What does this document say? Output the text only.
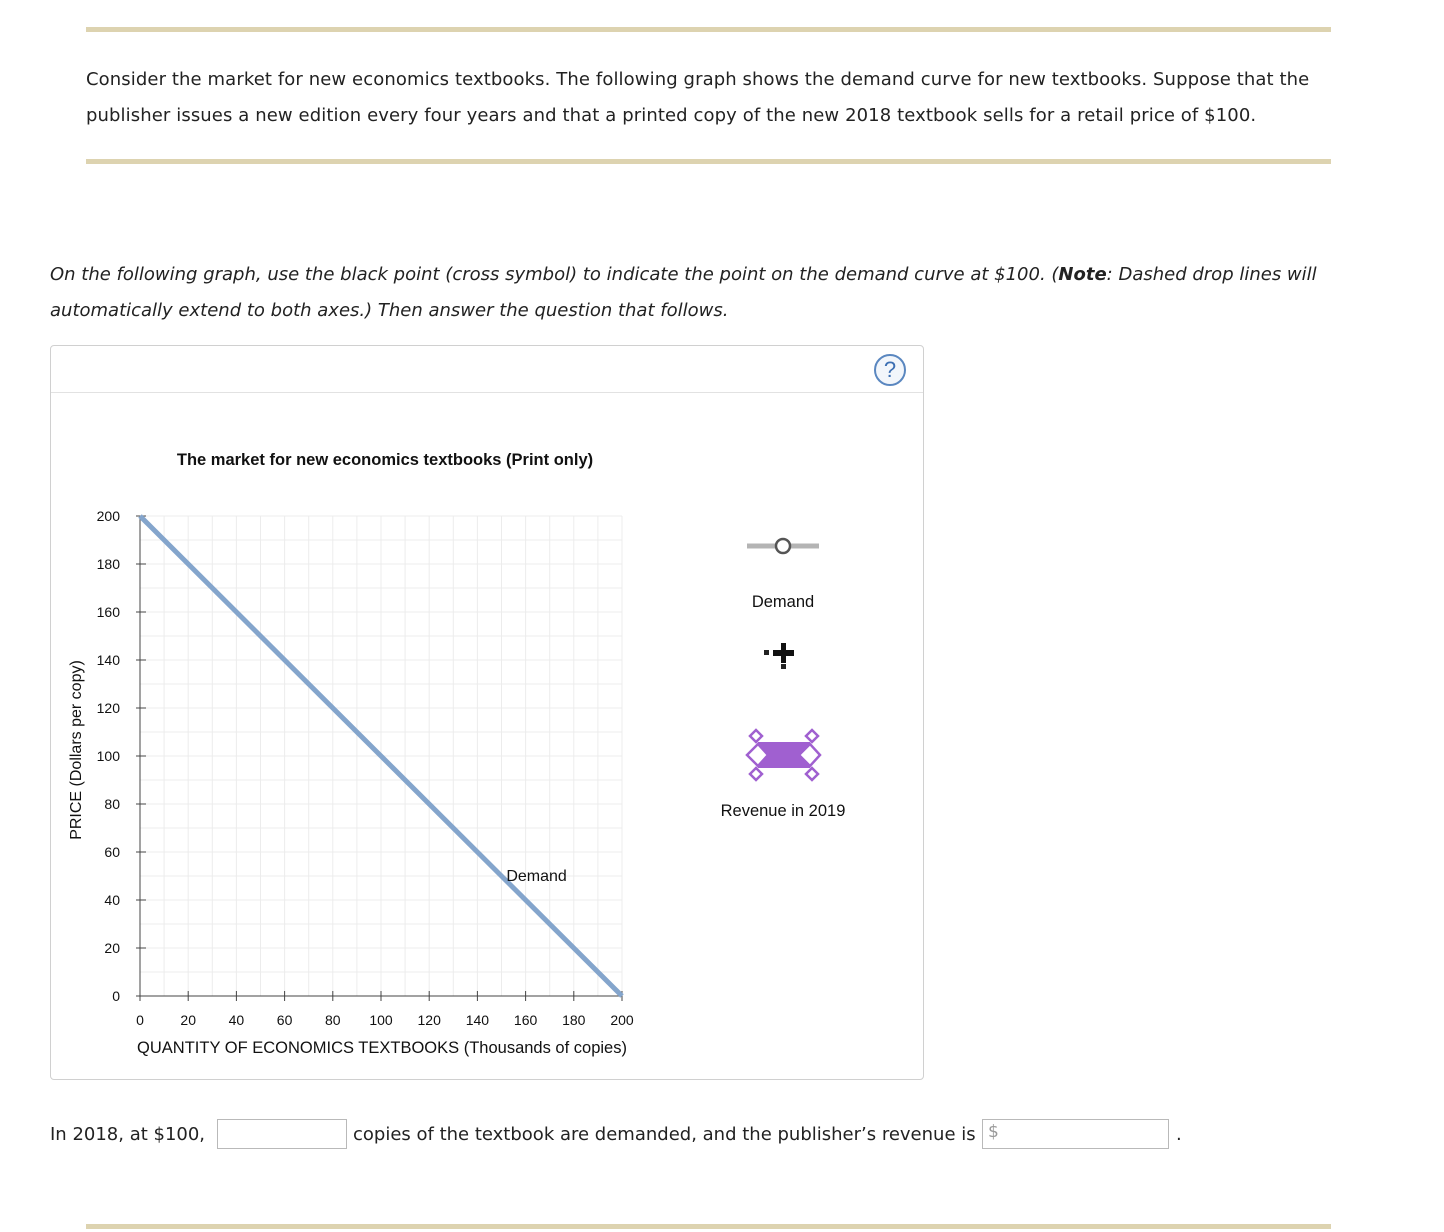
Consider the market for new economics textbooks. The following graph shows the demand curve for new textbooks. Suppose that the
publisher issues a new edition every four years and that a printed copy of the new 2018 textbook sells for a retail price of $100.
On the following graph, use the black point (cross symbol) to indicate the point on the demand curve at $100. (Note: Dashed drop lines will
automatically extend to both axes.) Then answer the question that follows.
?
The market for new economics textbooks (Print only)
0
20
40
60
80
100
120
140
160
180
200
0	20 40 60 80 100 120 140 160 180 200
Demand
QUANTITY OF ECONOMICS TEXTBOOKS (Thousands of copies)
PRICE (Dollars per copy)
Demand
Revenue in 2019
In 2018, at $100,	copies of the textbook are demanded, and the publisher’s revenue is $	.
